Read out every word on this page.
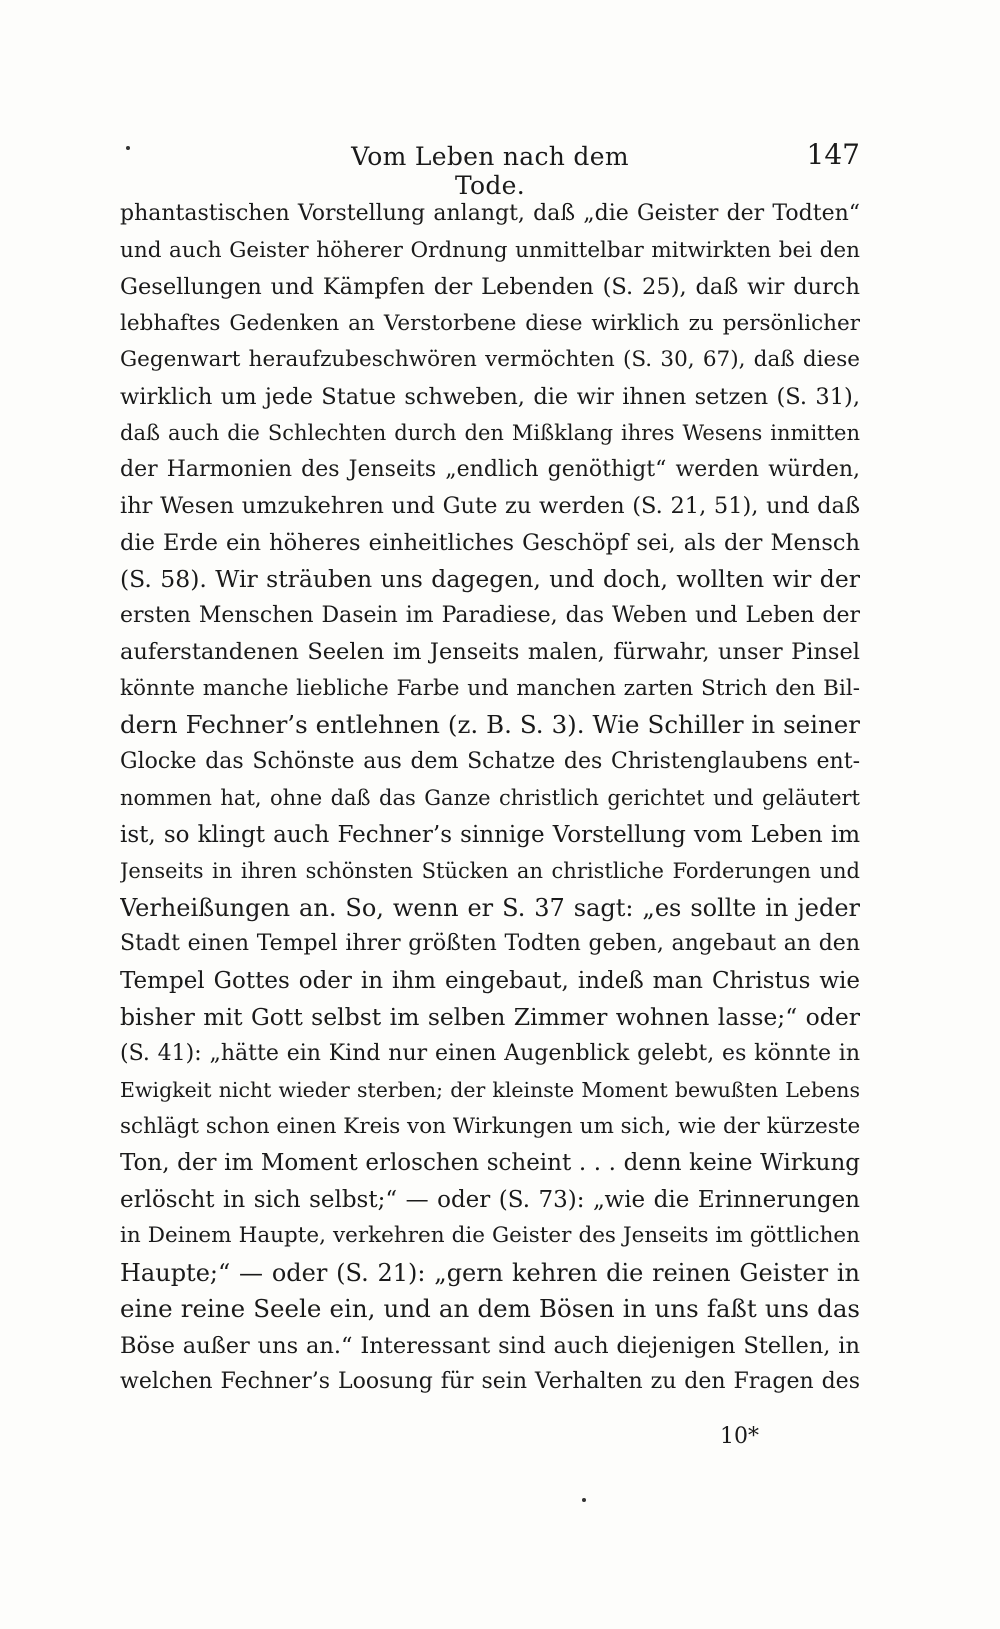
Vom Leben nach dem Tode.
147
phantastischen Vorstellung anlangt, daß „die Geister der Todten“
und auch Geister höherer Ordnung unmittelbar mitwirkten bei den
Gesellungen und Kämpfen der Lebenden (S. 25), daß wir durch
lebhaftes Gedenken an Verstorbene diese wirklich zu persönlicher
Gegenwart heraufzubeschwören vermöchten (S. 30, 67), daß diese
wirklich um jede Statue schweben, die wir ihnen setzen (S. 31),
daß auch die Schlechten durch den Mißklang ihres Wesens inmitten
der Harmonien des Jenseits „endlich genöthigt“ werden würden,
ihr Wesen umzukehren und Gute zu werden (S. 21, 51), und daß
die Erde ein höheres einheitliches Geschöpf sei, als der Mensch
(S. 58). Wir sträuben uns dagegen, und doch, wollten wir der
ersten Menschen Dasein im Paradiese, das Weben und Leben der
auferstandenen Seelen im Jenseits malen, fürwahr, unser Pinsel
könnte manche liebliche Farbe und manchen zarten Strich den Bil-
dern Fechner’s entlehnen (z. B. S. 3). Wie Schiller in seiner
Glocke das Schönste aus dem Schatze des Christenglaubens ent-
nommen hat, ohne daß das Ganze christlich gerichtet und geläutert
ist, so klingt auch Fechner’s sinnige Vorstellung vom Leben im
Jenseits in ihren schönsten Stücken an christliche Forderungen und
Verheißungen an. So, wenn er S. 37 sagt: „es sollte in jeder
Stadt einen Tempel ihrer größten Todten geben, angebaut an den
Tempel Gottes oder in ihm eingebaut, indeß man Christus wie
bisher mit Gott selbst im selben Zimmer wohnen lasse;“ oder
(S. 41): „hätte ein Kind nur einen Augenblick gelebt, es könnte in
Ewigkeit nicht wieder sterben; der kleinste Moment bewußten Lebens
schlägt schon einen Kreis von Wirkungen um sich, wie der kürzeste
Ton, der im Moment erloschen scheint . . . denn keine Wirkung
erlöscht in sich selbst;“ — oder (S. 73): „wie die Erinnerungen
in Deinem Haupte, verkehren die Geister des Jenseits im göttlichen
Haupte;“ — oder (S. 21): „gern kehren die reinen Geister in
eine reine Seele ein, und an dem Bösen in uns faßt uns das
Böse außer uns an.“ Interessant sind auch diejenigen Stellen, in
welchen Fechner’s Loosung für sein Verhalten zu den Fragen des
10*
